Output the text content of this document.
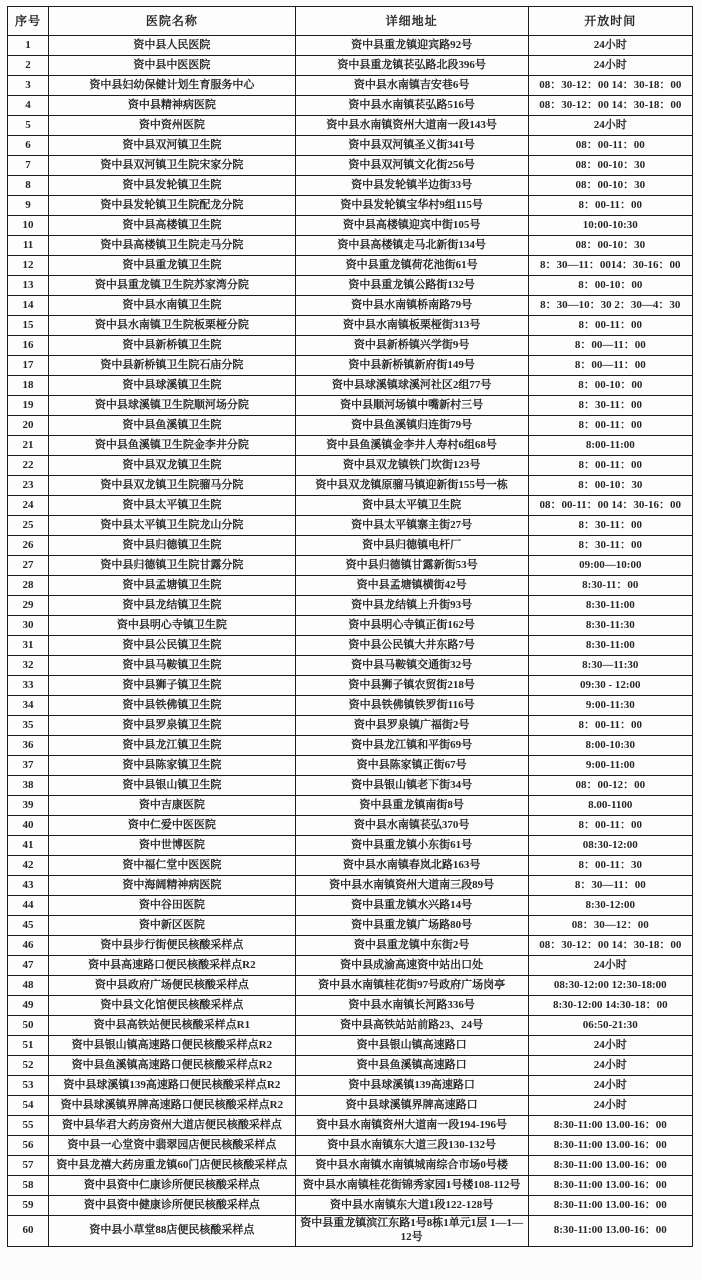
序号	医院名称	详细地址	开放时间
1	资中县人民医院	资中县重龙镇迎宾路92号	24小时
2	资中县中医医院	资中县重龙镇苌弘路北段396号	24小时
3	资中县妇幼保健计划生育服务中心	资中县水南镇吉安巷6号	08：30-12：00 14：30-18：00
4	资中县精神病医院	资中县水南镇苌弘路516号	08：30-12：00 14：30-18：00
5	资中资州医院	资中县水南镇资州大道南一段143号	24小时
6	资中县双河镇卫生院	资中县双河镇圣义街341号	08：00-11：00
7	资中县双河镇卫生院宋家分院	资中县双河镇文化街256号	08：00-10：30
8	资中县发轮镇卫生院	资中县发轮镇半边街33号	08：00-10：30
9	资中县发轮镇卫生院配龙分院	资中县发轮镇宝华村9组115号	8：00-11：00
10	资中县高楼镇卫生院	资中县高楼镇迎宾中街105号	10:00-10:30
11	资中县高楼镇卫生院走马分院	资中县高楼镇走马北新街134号	08：00-10：30
12	资中县重龙镇卫生院	资中县重龙镇荷花池街61号	8：30—11：0014：30-16：00
13	资中县重龙镇卫生院苏家湾分院	资中县重龙镇公路街132号	8：00-10：00
14	资中县水南镇卫生院	资中县水南镇桥南路79号	8：30—10：30 2：30—4：30
15	资中县水南镇卫生院板栗桠分院	资中县水南镇板栗桠街313号	8：00-11：00
16	资中县新桥镇卫生院	资中县新桥镇兴学街9号	8：00—11：00
17	资中县新桥镇卫生院石庙分院	资中县新桥镇新府街149号	8：00—11：00
18	资中县球溪镇卫生院	资中县球溪镇球溪河社区2组77号	8：00-10：00
19	资中县球溪镇卫生院顺河场分院	资中县顺河场镇中嘴新村三号	8：30-11：00
20	资中县鱼溪镇卫生院	资中县鱼溪镇归连街79号	8：00-11：00
21	资中县鱼溪镇卫生院金李井分院	资中县鱼溪镇金李井人寿村6组68号	8:00-11:00
22	资中县双龙镇卫生院	资中县双龙镇铁门坎街123号	8：00-11：00
23	资中县双龙镇卫生院骝马分院	资中县双龙镇原骝马镇迎新街155号一栋	8：00-10：30
24	资中县太平镇卫生院	资中县太平镇卫生院	08：00-11：00 14：30-16：00
25	资中县太平镇卫生院龙山分院	资中县太平镇寨主街27号	8：30-11：00
26	资中县归德镇卫生院	资中县归德镇电杆厂	8：30-11：00
27	资中县归德镇卫生院甘露分院	资中县归德镇甘露新街53号	09:00—10:00
28	资中县孟塘镇卫生院	资中县孟塘镇横街42号	8:30-11：00
29	资中县龙结镇卫生院	资中县龙结镇上升街93号	8:30-11:00
30	资中县明心寺镇卫生院	资中县明心寺镇正街162号	8:30-11:30
31	资中县公民镇卫生院	资中县公民镇大井东路7号	8:30-11:00
32	资中县马鞍镇卫生院	资中县马鞍镇交通街32号	8:30—11:30
33	资中县狮子镇卫生院	资中县狮子镇农贸街218号	09:30 - 12:00
34	资中县铁佛镇卫生院	资中县铁佛镇铁罗街116号	9:00-11:30
35	资中县罗泉镇卫生院	资中县罗泉镇广福街2号	8：00-11：00
36	资中县龙江镇卫生院	资中县龙江镇和平街69号	8:00-10:30
37	资中县陈家镇卫生院	资中县陈家镇正街67号	9:00-11:00
38	资中县银山镇卫生院	资中县银山镇老下街34号	08：00-12：00
39	资中吉康医院	资中县重龙镇南街8号	8.00-1100
40	资中仁爱中医医院	资中县水南镇苌弘370号	8：00-11：00
41	资中世博医院	资中县重龙镇小东街61号	08:30-12:00
42	资中福仁堂中医医院	资中县水南镇春岚北路163号	8：00-11：30
43	资中海阔精神病医院	资中县水南镇资州大道南三段89号	8：30—11：00
44	资中谷田医院	资中县重龙镇水兴路14号	8:30-12:00
45	资中新区医院	资中县重龙镇广场路80号	08：30—12：00
46	资中县步行街便民核酸采样点	资中县重龙镇中东街2号	08：30-12：00 14：30-18：00
47	资中县高速路口便民核酸采样点R2	资中县成渝高速资中站出口处	24小时
48	资中县政府广场便民核酸采样点	资中县水南镇桂花街97号政府广场岗亭	08:30-12:00 12:30-18:00
49	资中县文化馆便民核酸采样点	资中县水南镇长河路336号	8:30-12:00 14:30-18：00
50	资中县高铁站便民核酸采样点R1	资中县高铁站站前路23、24号	06:50-21:30
51	资中县银山镇高速路口便民核酸采样点R2	资中县银山镇高速路口	24小时
52	资中县鱼溪镇高速路口便民核酸采样点R2	资中县鱼溪镇高速路口	24小时
53	资中县球溪镇139高速路口便民核酸采样点R2	资中县球溪镇139高速路口	24小时
54	资中县球溪镇界牌高速路口便民核酸采样点R2	资中县球溪镇界牌高速路口	24小时
55	资中县华君大药房资州大道店便民核酸采样点	资中县水南镇资州大道南一段194-196号	8:30-11:00 13.00-16：00
56	资中县一心堂资中翡翠园店便民核酸采样点	资中县水南镇东大道三段130-132号	8:30-11:00 13.00-16：00
57	资中县龙禧大药房重龙镇60门店便民核酸采样点	资中县水南镇水南镇城南综合市场0号楼	8:30-11:00 13.00-16：00
58	资中县资中仁康诊所便民核酸采样点	资中县水南镇桂花街锦秀家园1号楼108-112号	8:30-11:00 13.00-16：00
59	资中县资中健康诊所便民核酸采样点	资中县水南镇东大道1段122-128号	8:30-11:00 13.00-16：00
60	资中县小草堂88店便民核酸采样点	资中县重龙镇滨江东路1号8栋1单元1层 1—1—12号	8:30-11:00 13.00-16：00
